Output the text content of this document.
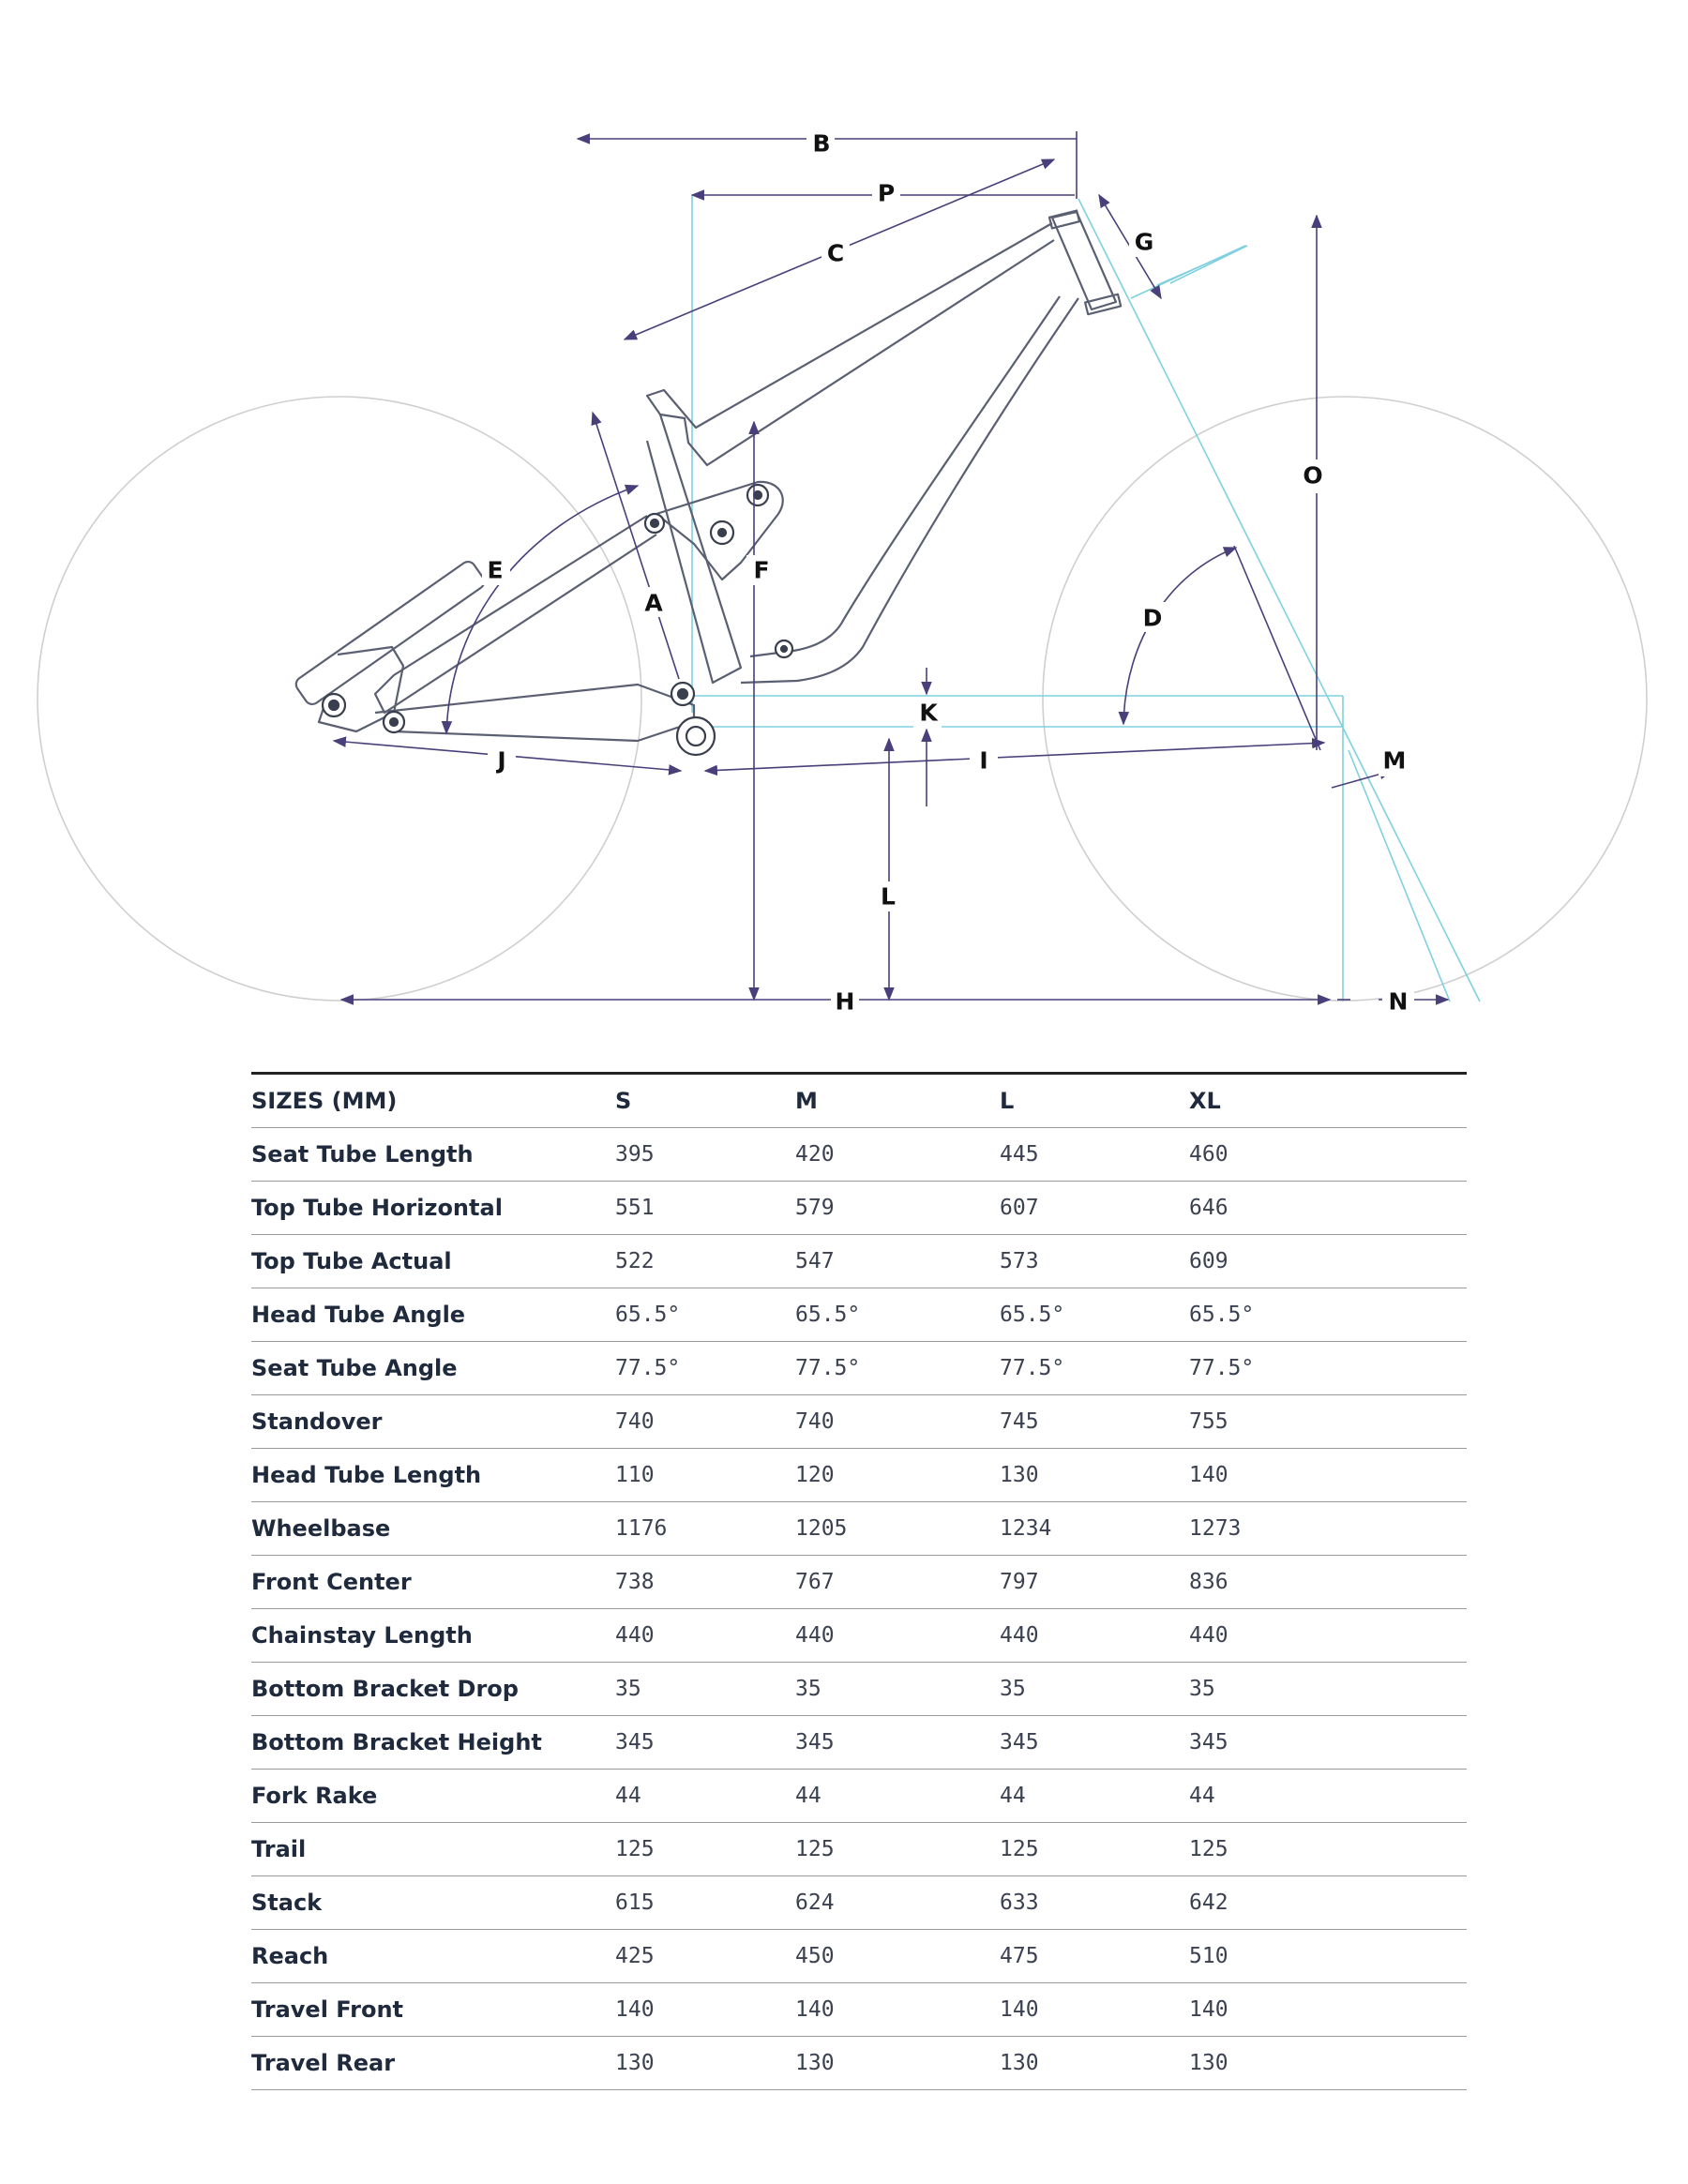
B
P
C	G
O
E	F
A
D
K
J	I	M
L
H	N
SIZES (MM)	S	M	L	XL
Seat Tube Length	395	420	445	460
Top Tube Horizontal	551	579	607	646
Top Tube Actual	522	547	573	609
Head Tube Angle	65.5°	65.5°	65.5°	65.5°
Seat Tube Angle	77.5°	77.5°	77.5°	77.5°
Standover	740	740	745	755
Head Tube Length	110	120	130	140
Wheelbase	1176	1205	1234	1273
Front Center	738	767	797	836
Chainstay Length	440	440	440	440
Bottom Bracket Drop	35	35	35	35
Bottom Bracket Height	345	345	345	345
Fork Rake	44	44	44	44
Trail	125	125	125	125
Stack	615	624	633	642
Reach	425	450	475	510
Travel Front	140	140	140	140
Travel Rear	130	130	130	130
